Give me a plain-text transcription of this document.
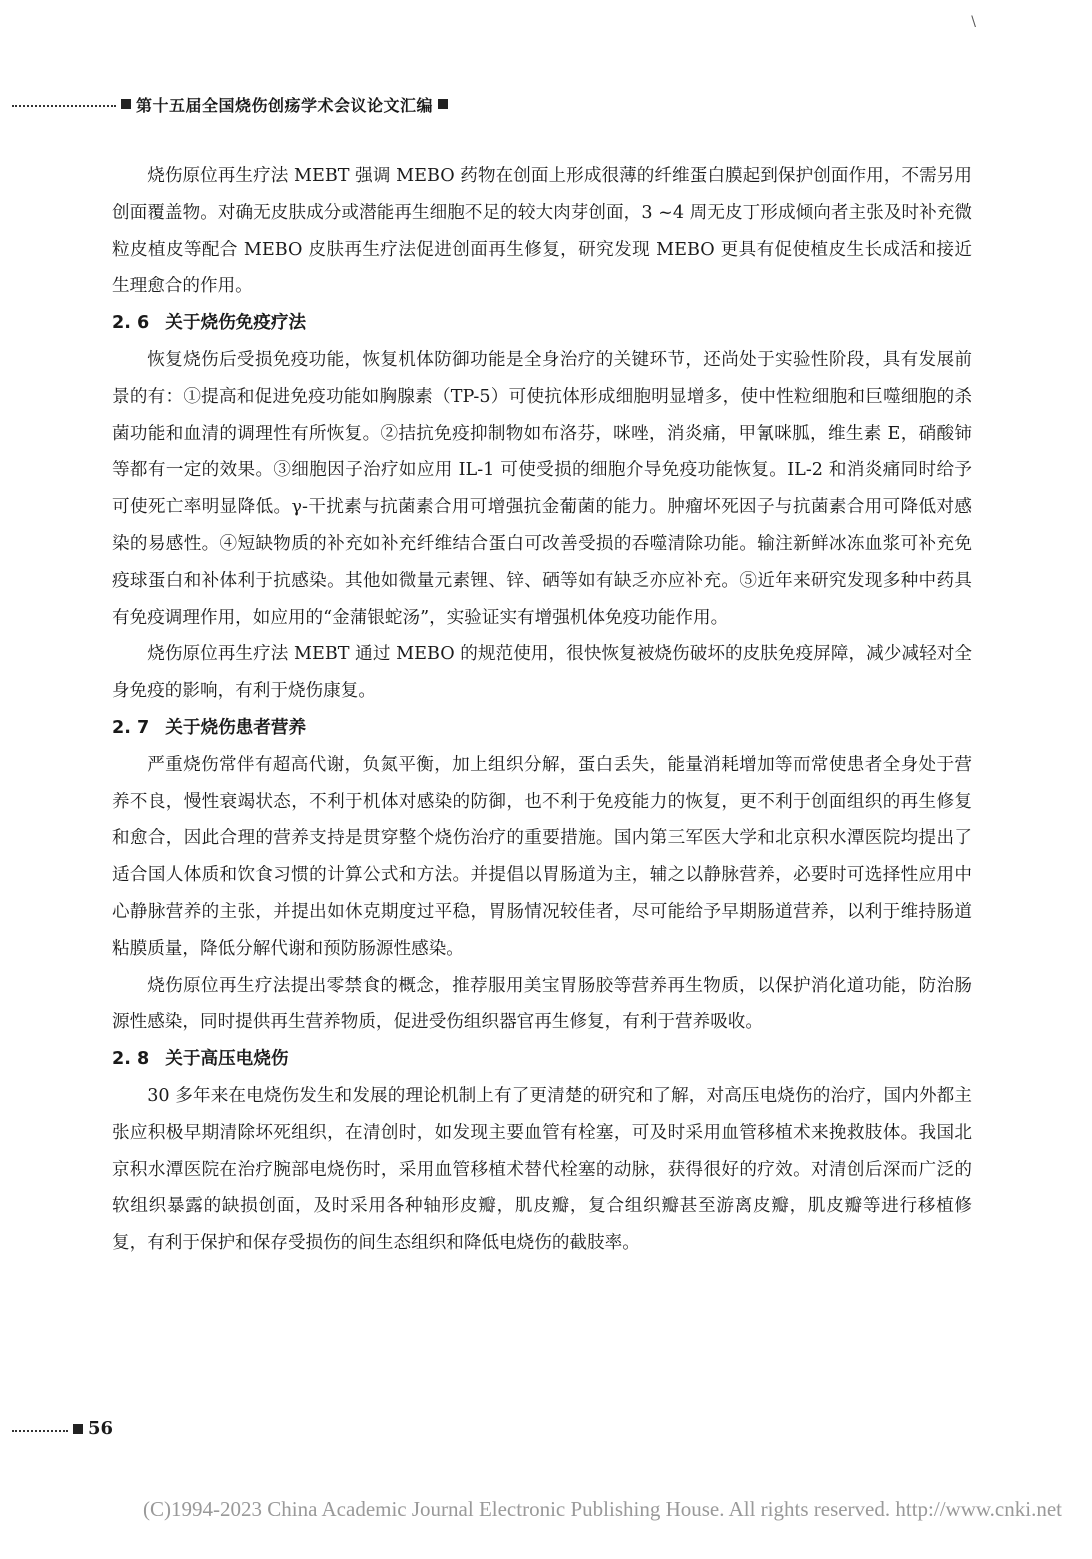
\
第十五届全国烧伤创疡学术会议论文汇编

烧伤原位再生疗法 MEBT 强调 MEBO 药物在创面上形成很薄的纤维蛋白膜起到保护创面作用，不需另用创面覆盖物。对确无皮肤成分或潜能再生细胞不足的较大肉芽创面，3 ~4 周无皮丁形成倾向者主张及时补充微粒皮植皮等配合 MEBO 皮肤再生疗法促进创面再生修复，研究发现 MEBO 更具有促使植皮生长成活和接近生理愈合的作用。

2. 6 关于烧伤免疫疗法

恢复烧伤后受损免疫功能，恢复机体防御功能是全身治疗的关键环节，还尚处于实验性阶段，具有发展前景的有：①提高和促进免疫功能如胸腺素（TP-5）可使抗体形成细胞明显增多，使中性粒细胞和巨噬细胞的杀菌功能和血清的调理性有所恢复。②拮抗免疫抑制物如布洛芬，咪唑，消炎痛，甲氰咪胍，维生素 E，硝酸铈等都有一定的效果。③细胞因子治疗如应用 IL-1 可使受损的细胞介导免疫功能恢复。IL-2 和消炎痛同时给予可使死亡率明显降低。γ-干扰素与抗菌素合用可增强抗金葡菌的能力。肿瘤坏死因子与抗菌素合用可降低对感染的易感性。④短缺物质的补充如补充纤维结合蛋白可改善受损的吞噬清除功能。输注新鲜冰冻血浆可补充免疫球蛋白和补体利于抗感染。其他如微量元素锂、锌、硒等如有缺乏亦应补充。⑤近年来研究发现多种中药具有免疫调理作用，如应用的“金蒲银蛇汤”，实验证实有增强机体免疫功能作用。

烧伤原位再生疗法 MEBT 通过 MEBO 的规范使用，很快恢复被烧伤破坏的皮肤免疫屏障，减少减轻对全身免疫的影响，有利于烧伤康复。

2. 7 关于烧伤患者营养

严重烧伤常伴有超高代谢，负氮平衡，加上组织分解，蛋白丢失，能量消耗增加等而常使患者全身处于营养不良，慢性衰竭状态，不利于机体对感染的防御，也不利于免疫能力的恢复，更不利于创面组织的再生修复和愈合，因此合理的营养支持是贯穿整个烧伤治疗的重要措施。国内第三军医大学和北京积水潭医院均提出了适合国人体质和饮食习惯的计算公式和方法。并提倡以胃肠道为主，辅之以静脉营养，必要时可选择性应用中心静脉营养的主张，并提出如休克期度过平稳，胃肠情况较佳者，尽可能给予早期肠道营养，以利于维持肠道粘膜质量，降低分解代谢和预防肠源性感染。

烧伤原位再生疗法提出零禁食的概念，推荐服用美宝胃肠胶等营养再生物质，以保护消化道功能，防治肠源性感染，同时提供再生营养物质，促进受伤组织器官再生修复，有利于营养吸收。

2. 8 关于高压电烧伤

30 多年来在电烧伤发生和发展的理论机制上有了更清楚的研究和了解，对高压电烧伤的治疗，国内外都主张应积极早期清除坏死组织，在清创时，如发现主要血管有栓塞，可及时采用血管移植术来挽救肢体。我国北京积水潭医院在治疗腕部电烧伤时，采用血管移植术替代栓塞的动脉，获得很好的疗效。对清创后深而广泛的软组织暴露的缺损创面，及时采用各种轴形皮瓣，肌皮瓣，复合组织瓣甚至游离皮瓣，肌皮瓣等进行移植修复，有利于保护和保存受损伤的间生态组织和降低电烧伤的截肢率。

56
(C)1994-2023 China Academic Journal Electronic Publishing House. All rights reserved. http://www.cnki.net
